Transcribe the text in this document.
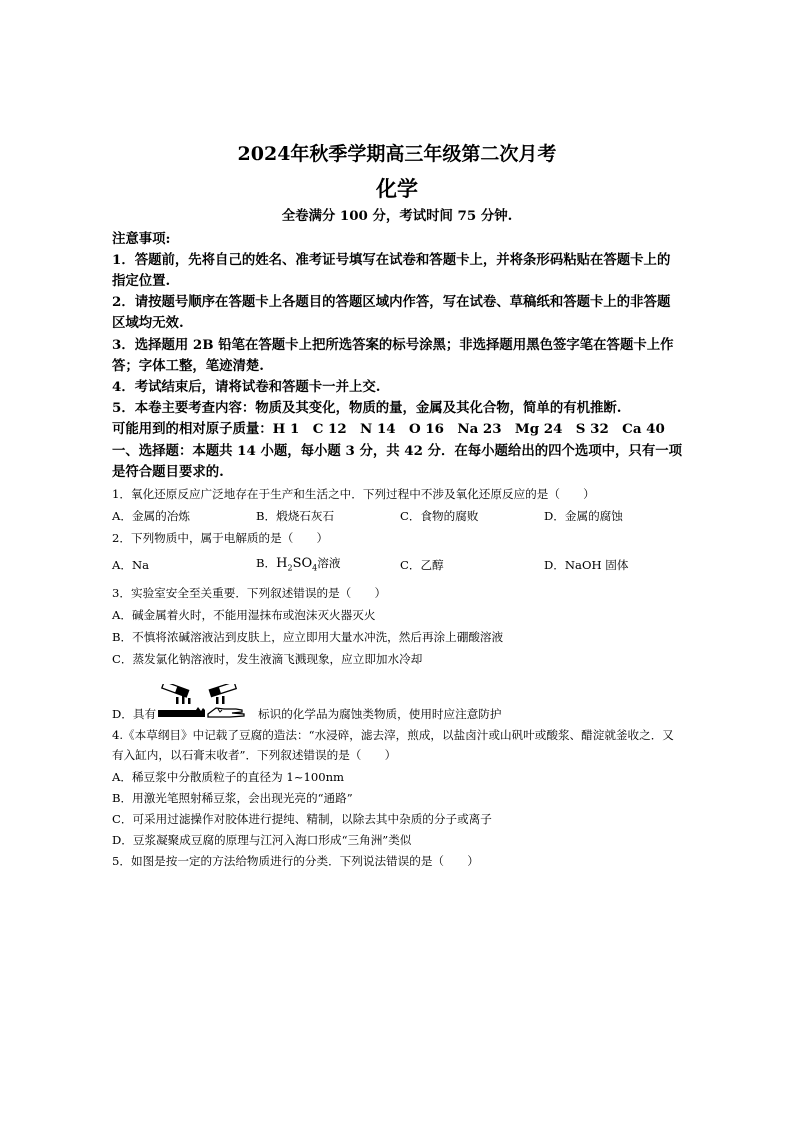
2024年秋季学期高三年级第二次月考
化学
全卷满分 100 分，考试时间 75 分钟.
注意事项:
1．答题前，先将自己的姓名、准考证号填写在试卷和答题卡上，并将条形码粘贴在答题卡上的
指定位置.
2．请按题号顺序在答题卡上各题目的答题区域内作答，写在试卷、草稿纸和答题卡上的非答题
区域均无效.
3．选择题用 2B 铅笔在答题卡上把所选答案的标号涂黑；非选择题用黑色签字笔在答题卡上作
答；字体工整，笔迹清楚.
4．考试结束后，请将试卷和答题卡一并上交.
5．本卷主要考查内容：物质及其变化，物质的量，金属及其化合物，简单的有机推断.
可能用到的相对原子质量：H 1　C 12　N 14　O 16　Na 23　Mg 24　S 32　Ca 40
一、选择题：本题共 14 小题，每小题 3 分，共 42 分．在每小题给出的四个选项中，只有一项
是符合题目要求的.
1．氧化还原反应广泛地存在于生产和生活之中．下列过程中不涉及氧化还原反应的是（　　）
A．金属的冶炼	B．煅烧石灰石	C．食物的腐败	D．金属的腐蚀
2．下列物质中，属于电解质的是（　　）
A．Na	B．$H_2SO_4$溶液	C．乙醇	D．NaOH 固体
3．实验室安全至关重要．下列叙述错误的是（　　）
A．碱金属着火时，不能用湿抹布或泡沫灭火器灭火
B．不慎将浓碱溶液沾到皮肤上，应立即用大量水冲洗，然后再涂上硼酸溶液
C．蒸发氯化钠溶液时，发生液滴飞溅现象，应立即加水冷却
D．具有	标识的化学品为腐蚀类物质，使用时应注意防护
4.《本草纲目》中记载了豆腐的造法：“水浸碎，滤去滓，煎成，以盐卤汁或山矾叶或酸浆、醋淀就釜收之．又
有入缸内，以石膏末收者”．下列叙述错误的是（　　）
A．稀豆浆中分散质粒子的直径为 1~100nm
B．用激光笔照射稀豆浆，会出现光亮的“通路”
C．可采用过滤操作对胶体进行提纯、精制，以除去其中杂质的分子或离子
D．豆浆凝聚成豆腐的原理与江河入海口形成“三角洲”类似
5．如图是按一定的方法给物质进行的分类．下列说法错误的是（　　）
